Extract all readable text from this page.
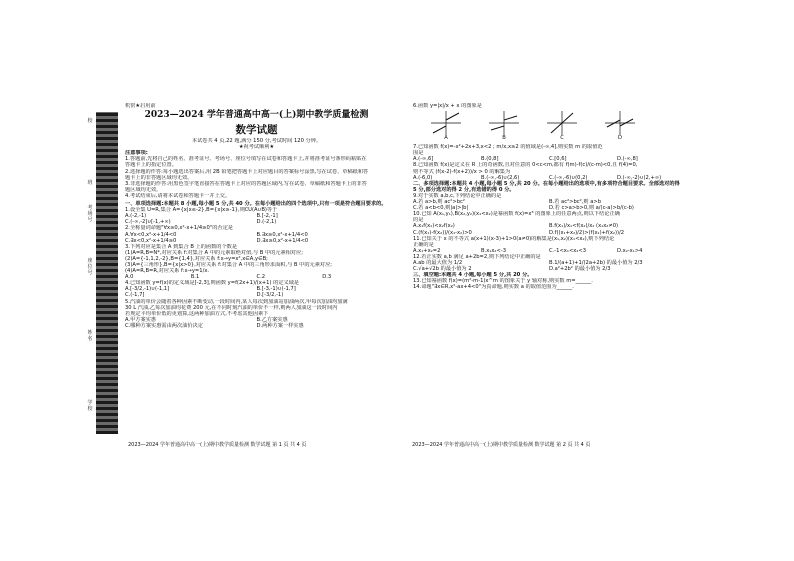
校
班
考场号
座位号
姓名
学校
机密★启用前
2023—2024 学年普通高中高一(上)期中教学质量检测
数学试题
本试卷共 4 页,22 题,满分 150 分,考试时间 120 分钟。
★祝考试顺利★
注意事项:
1.答题前,先将自己的姓名、准考证号、考场号、座位号填写在试卷和答题卡上,并将准考证号条形码粘贴在
答题卡上的指定位置。
2.选择题的作答:每小题选出答案后,用 2B 铅笔把答题卡上对应题目的答案标号涂黑,写在试卷、草稿纸和答
题卡上的非答题区域均无效。
3.非选择题的作答:用黑色签字笔直接答在答题卡上对应的答题区域内,写在试卷、草稿纸和答题卡上的非答
题区域均无效。
4.考试结束后,请将本试卷和答题卡一并上交。
一、单项选择题:本题共 8 小题,每小题 5 分,共 40 分。在每小题给出的四个选项中,只有一项是符合题目要求的。
1.设全集 U=R,集合 A={x|x≤-2},B={x|x≥-1},则∁U(A∪B)等于
A.(-2,-1)	B.[-2,-1]
C.(-∞,-2]∪[-1,+∞)	D.(-2,1)
2.全称量词命题"∀x≥0,x²-x+1/4≥0"的否定是
A.∀x<0,x²-x+1/4<0	B.∃x≥0,x²-x+1/4<0
C.∃x<0,x²-x+1/4≥0	D.∃x≥0,x²-x+1/4<0
3.下列对应是集合 A 到集合 B 上的函数的个数是
(1)A=R,B=N*,对应关系 f:对集合 A 中的元素取绝对值,与 B 中的元素相对应;
(2)A={-1,1,2,-2},B={1,4},对应关系 f:x→y=x²,x∈A,y∈B;
(3)A={三角形},B={x|x>0},对应关系 f:对集合 A 中的三角形求面积,与 B 中的元素对应;
(4)A=R,B=R,对应关系 f:x→y=1/x.
A.0	B.1	C.2	D.3
4.已知函数 y=f(x)的定义域是[-2,3],则函数 y=f(2x+1)/(x+1) 的定义域是
A.[-3/2,-1)∪(-1,1]	B.[-3,-1)∪(-1,7]
C.(-1,7]	D.[-3/2,-1)
5.汽油的单价会随着各种因素不断变动,一段时间内,某人每次到加油站加油两次,甲每次加油均加满
30 L 汽油,乙每次加油均花费 200 元,在不同时刻汽油的单价不一样,则两人加油这一段时间内
若规定平均单价低的更划算,这两种加油方式,不考虑其他因素下
A.甲方案实惠	B.乙方案实惠
C.哪种方案实惠需由两次油价决定	D.两种方案一样实惠
6.函数 y=|x|/x + x 的图象是
A	B	C	D
7.已知函数 f(x)=-x²+2x+3,x<2 ; m/x,x≥2 的值域是(-∞,4],则实数 m 的取值范
围是
A.(-∞,6]	B.(0,8]	C.[0,6]	D.(-∞,8]
8.已知函数 f(x)是定义在 R 上的奇函数,且对任意的 0<c<m,都有 f(m)-f(c)/(c-m)<0,且 f(4)=0,
则不等式 (f(x-2)-f(x+2))/x > 0 的解集为
A.(-6,0)	B.(-∞,-6)∪(2,6)	C.(-∞,-6)∪(0,2)	D.(-∞,-2)∪(2,+∞)
二、多项选择题:本题共 4 小题,每小题 5 分,共 20 分。在每小题给出的选项中,有多项符合题目要求。全部选对的得 5 分,部分选对的得 2 分,有选错的得 0 分。
9.对于实数 a,b,c,下列结论中正确的是
A.若 a>b,则 ac²>bc²	B.若 ac²>bc²,则 a>b
C.若 a<b<0,则|a|>|b|	D.若 c>a>b>0,则 a/(c-a)>b/(c-b)
10.已知 A(x₁,y₁),B(x₂,y₂)(x₁<x₂)是幂函数 f(x)=x³ 的图象上的任意两点,则以下结论正确
的是
A.x₁f(x₁)<x₂f(x₂)	B.f(x₁)/x₁<f(x₂)/x₂ (x₁x₂≠0)
C.(f(x₁)-f(x₂))/(x₁-x₂)>0	D.f((x₁+x₂)/2)>(f(x₁)+f(x₂))/2
11.已知关于 x 的不等式 a(x+1)(x-3)+1>0(a≠0)的解集是(x₁,x₂)(x₁<x₂),则下列结论
正确的是
A.x₁+x₂=2	B.x₁x₂<-3	C.-1<x₁<x₂<3	D.x₂-x₁>4
12.若正实数 a,b 满足 a+2b=2,则下列结论中正确的是
A.ab 的最大值为 1/2	B.1/(a+1)+1/(2a+2b) 的最小值为 2/3
C.√a+√2b 的最小值为 2	D.a²+2b² 的最小值为 2/3
三、填空题:本题共 4 小题,每小题 5 分,共 20 分。
13.已知幂函数 f(x)=(m²-m-1)x^m 的图象关于 y 轴对称,则实数 m=______.
14.命题"∃x∈R,x²-ax+4<0"为真命题,则实数 a 的取值范围为______.
2023—2024 学年普通高中高一(上)期中教学质量检测 数学试题 第 1 页 共 4 页	2023—2024 学年普通高中高一(上)期中教学质量检测 数学试题 第 2 页 共 4 页
